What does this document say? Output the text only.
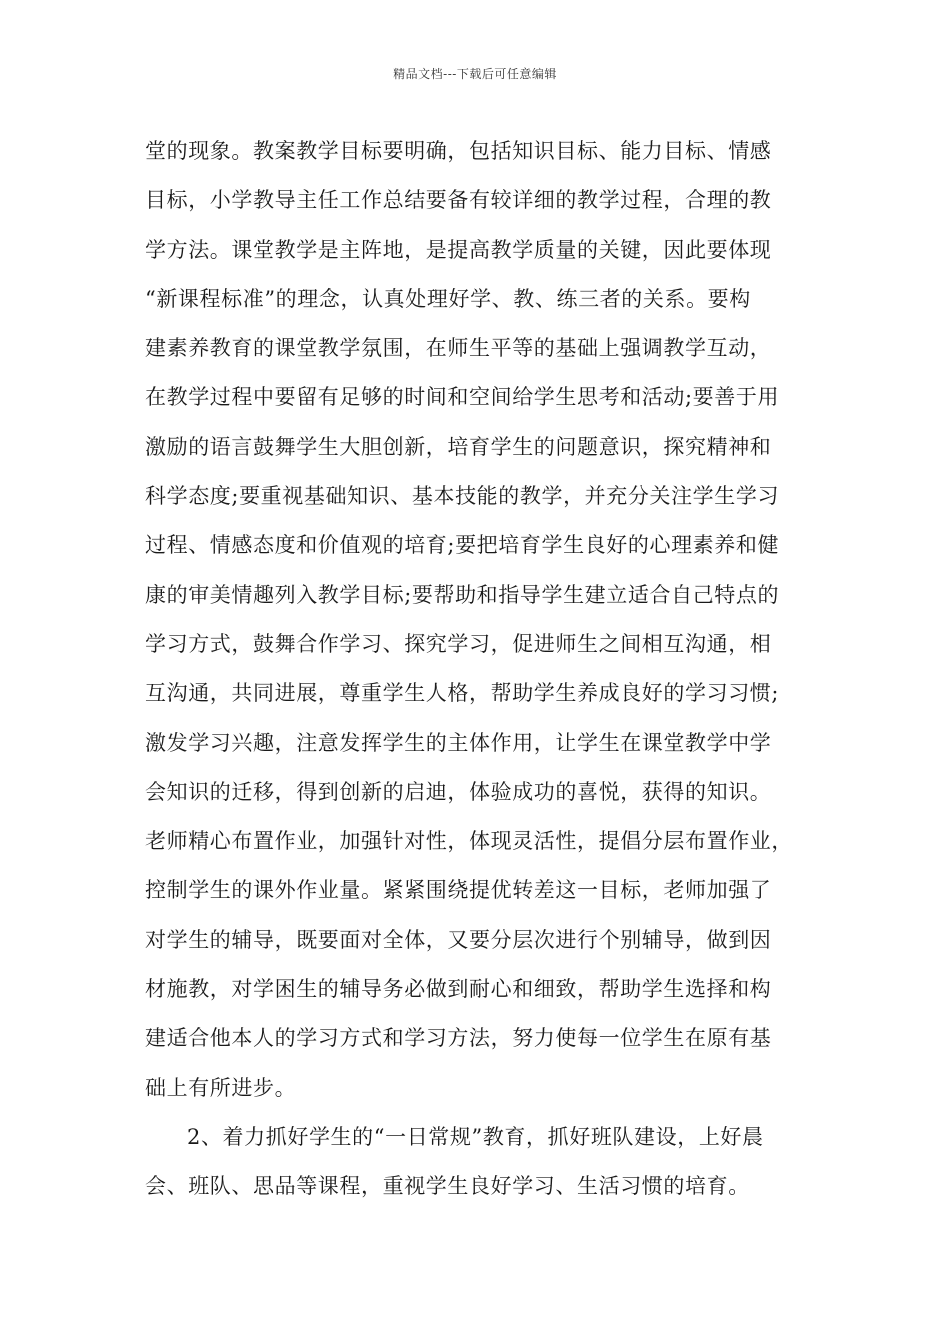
精品文档---下载后可任意编辑
堂的现象。教案教学目标要明确，包括知识目标、能力目标、情感
目标，小学教导主任工作总结要备有较详细的教学过程，合理的教
学方法。课堂教学是主阵地，是提高教学质量的关键，因此要体现
“新课程标准”的理念，认真处理好学、教、练三者的关系。要构
建素养教育的课堂教学氛围，在师生平等的基础上强调教学互动，
在教学过程中要留有足够的时间和空间给学生思考和活动;要善于用
激励的语言鼓舞学生大胆创新，培育学生的问题意识，探究精神和
科学态度;要重视基础知识、基本技能的教学，并充分关注学生学习
过程、情感态度和价值观的培育;要把培育学生良好的心理素养和健
康的审美情趣列入教学目标;要帮助和指导学生建立适合自己特点的
学习方式，鼓舞合作学习、探究学习，促进师生之间相互沟通，相
互沟通，共同进展，尊重学生人格，帮助学生养成良好的学习习惯;
激发学习兴趣，注意发挥学生的主体作用，让学生在课堂教学中学
会知识的迁移，得到创新的启迪，体验成功的喜悦，获得的知识。
老师精心布置作业，加强针对性，体现灵活性，提倡分层布置作业，
控制学生的课外作业量。紧紧围绕提优转差这一目标，老师加强了
对学生的辅导，既要面对全体，又要分层次进行个别辅导，做到因
材施教，对学困生的辅导务必做到耐心和细致，帮助学生选择和构
建适合他本人的学习方式和学习方法，努力使每一位学生在原有基
础上有所进步。
2、着力抓好学生的“一日常规”教育，抓好班队建设，上好晨
会、班队、思品等课程，重视学生良好学习、生活习惯的培育。
